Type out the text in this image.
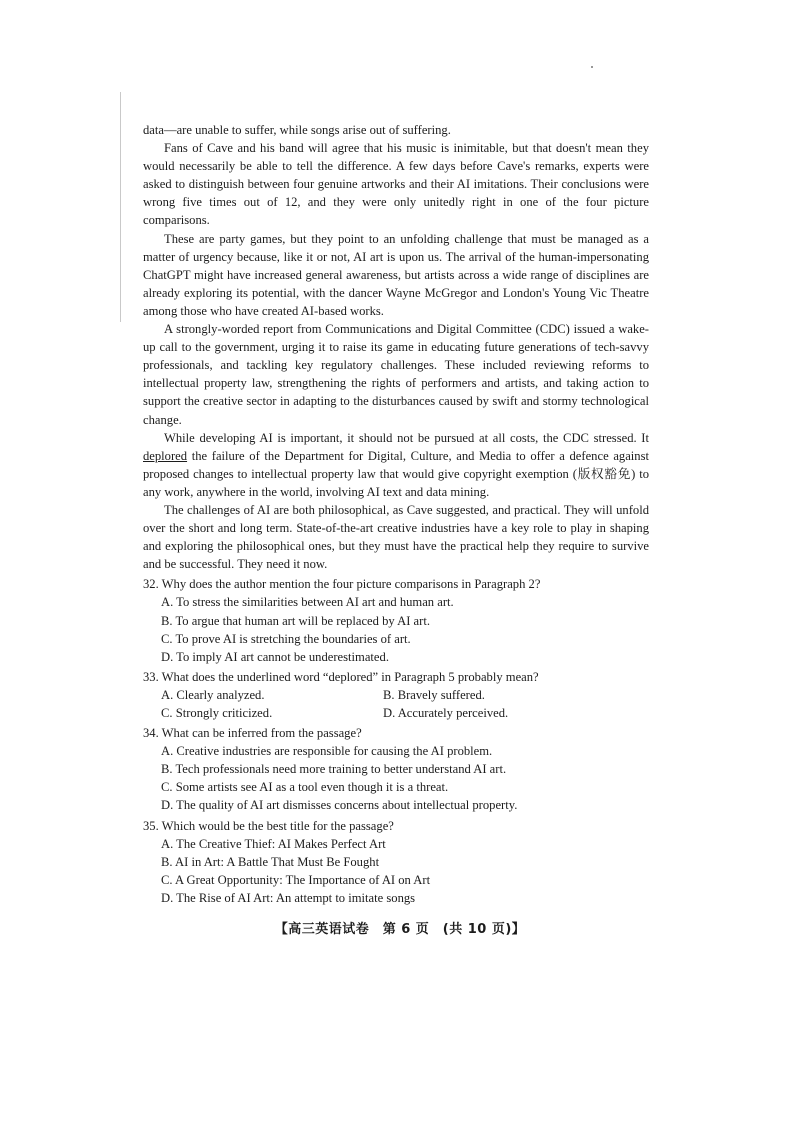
data—are unable to suffer, while songs arise out of suffering.

Fans of Cave and his band will agree that his music is inimitable, but that doesn't mean they would necessarily be able to tell the difference. A few days before Cave's remarks, experts were asked to distinguish between four genuine artworks and their AI imitations. Their conclusions were wrong five times out of 12, and they were only unitedly right in one of the four picture comparisons.

These are party games, but they point to an unfolding challenge that must be managed as a matter of urgency because, like it or not, AI art is upon us. The arrival of the human-impersonating ChatGPT might have increased general awareness, but artists across a wide range of disciplines are already exploring its potential, with the dancer Wayne McGregor and London's Young Vic Theatre among those who have created AI-based works.

A strongly-worded report from Communications and Digital Committee (CDC) issued a wake-up call to the government, urging it to raise its game in educating future generations of tech-savvy professionals, and tackling key regulatory challenges. These included reviewing reforms to intellectual property law, strengthening the rights of performers and artists, and taking action to support the creative sector in adapting to the disturbances caused by swift and stormy technological change.

While developing AI is important, it should not be pursued at all costs, the CDC stressed. It deplored the failure of the Department for Digital, Culture, and Media to offer a defence against proposed changes to intellectual property law that would give copyright exemption (版权豁免) to any work, anywhere in the world, involving AI text and data mining.

The challenges of AI are both philosophical, as Cave suggested, and practical. They will unfold over the short and long term. State-of-the-art creative industries have a key role to play in shaping and exploring the philosophical ones, but they must have the practical help they require to survive and be successful. They need it now.

32. Why does the author mention the four picture comparisons in Paragraph 2?

A. To stress the similarities between AI art and human art.

B. To argue that human art will be replaced by AI art.

C. To prove AI is stretching the boundaries of art.

D. To imply AI art cannot be underestimated.

33. What does the underlined word “deplored” in Paragraph 5 probably mean?

A. Clearly analyzed.	B. Bravely suffered.

C. Strongly criticized.	D. Accurately perceived.

34. What can be inferred from the passage?

A. Creative industries are responsible for causing the AI problem.

B. Tech professionals need more training to better understand AI art.

C. Some artists see AI as a tool even though it is a threat.

D. The quality of AI art dismisses concerns about intellectual property.

35. Which would be the best title for the passage?

A. The Creative Thief: AI Makes Perfect Art

B. AI in Art: A Battle That Must Be Fought

C. A Great Opportunity: The Importance of AI on Art

D. The Rise of AI Art: An attempt to imitate songs

【高三英语试卷　第 6 页　(共 10 页)】
